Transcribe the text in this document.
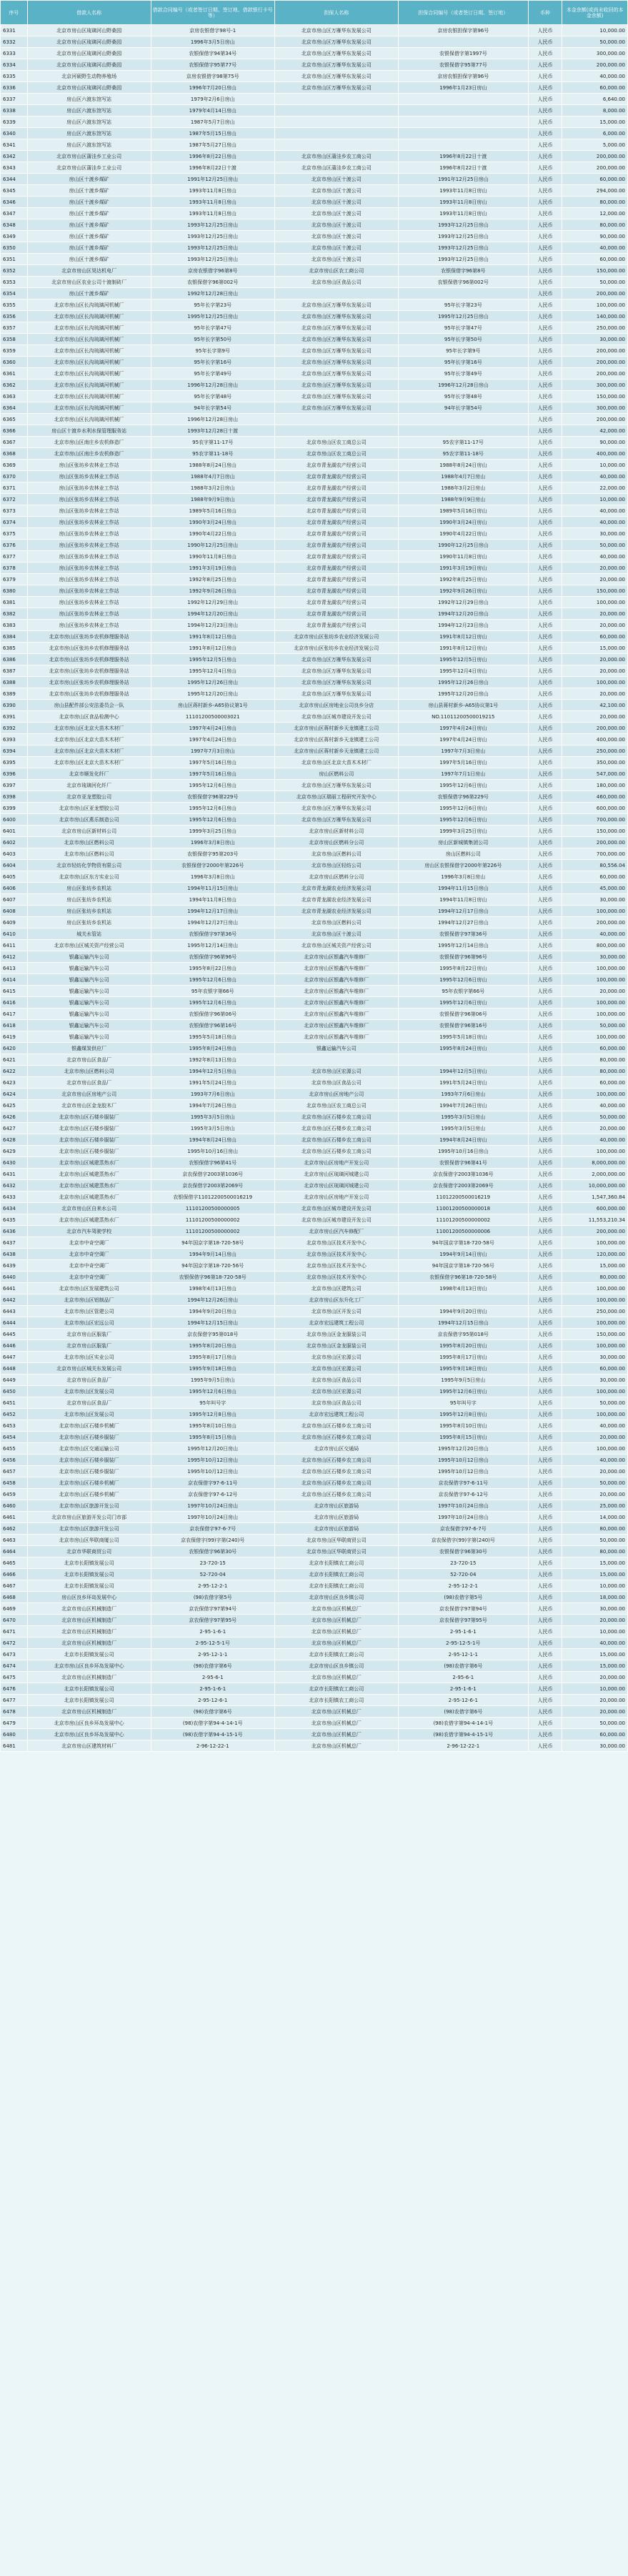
序号	借款人名称	借款合同编号（或者签订日期、签订地、借款银行卡号等）	担保人名称	担保合同编号（或者签订日期、签订地）	币种	本金余额(或尚未收回的本金余额)
6331	北京市房山区琉璃河山野桑园	京房农银借字98号-1	北京市房山区万雁华东发展公司	京房农银担保字第96号	人民币	10,000.00
6332	北京市房山区琉璃河山野桑园	1996年3月5日房山	北京市房山区万雁华东发展公司		人民币	50,000.00
6333	北京市房山区琉璃河山野桑园	农银保借字94第34号	北京市房山区万雁华东发展公司	农银保借字第1997号	人民币	300,000.00
6334	北京市房山区琉璃河山野桑园	农银保借字95第77号	北京市房山区万雁华东发展公司	农银保借字95第77号	人民币	200,000.00
6335	北京河硕野生动物养殖场	京房农银借字98第75号	北京市房山区万雁华东发展公司	京房农银担保字第96号	人民币	40,000.00
6336	北京市房山区琉璃河山野桑园	1996年7月20日房山	北京市房山区万雁华东发展公司	1996年1月23日房山	人民币	60,000.00
6337	房山区六渡东馆写站	1979年2月6日房山			人民币	6,640.00
6338	房山区六渡东馆写站	1979年4月14日房山			人民币	8,000.00
6339	房山区六渡东馆写站	1987年5月7日房山			人民币	15,000.00
6340	房山区六渡东馆写站	1987年5月15日房山			人民币	6,000.00
6341	房山区六渡东馆写站	1987年5月27日房山			人民币	5,000.00
6342	北京市房山区蒲洼乡工业公司	1996年8月22日房山	北京市房山区蒲洼乡农工商公司	1996年8月22日十渡	人民币	200,000.00
6343	北京市房山区蒲洼乡工业公司	1996年8月22日十渡	北京市房山区蒲洼乡农工商公司	1996年8月22日十渡	人民币	200,000.00
6344	房山区十渡乡煤矿	1991年12月25日房山	北京市房山区十渡公司	1991年12月25日房山	人民币	60,000.00
6345	房山区十渡乡煤矿	1993年11月8日房山	北京市房山区十渡公司	1993年11月8日房山	人民币	294,000.00
6346	房山区十渡乡煤矿	1993年11月8日房山	北京市房山区十渡公司	1993年11月8日房山	人民币	80,000.00
6347	房山区十渡乡煤矿	1993年11月8日房山	北京市房山区十渡公司	1993年11月8日房山	人民币	12,000.00
6348	房山区十渡乡煤矿	1993年12月25日房山	北京市房山区十渡公司	1993年12月25日房山	人民币	80,000.00
6349	房山区十渡乡煤矿	1993年12月25日房山	北京市房山区十渡公司	1993年12月25日房山	人民币	90,000.00
6350	房山区十渡乡煤矿	1993年12月25日房山	北京市房山区十渡公司	1993年12月25日房山	人民币	40,000.00
6351	房山区十渡乡煤矿	1993年12月25日房山	北京市房山区十渡公司	1993年12月25日房山	人民币	60,000.00
6352	北京市房山区昊达机电厂	京房农银借字96第8号	北京市房山区农工商公司	农银保借字96第8号	人民币	150,000.00
6353	北京市房山区农业公司十渡制砖厂	农银保借字96第002号	北京市房山区食品公司	农银保借字96第002号	人民币	50,000.00
6354	房山区十渡乡煤矿	1992年12月28日房山			人民币	200,000.00
6355	北京市房山区长沟琉璃河机械厂	95年长字第23号	北京市房山区万雁华东发展公司	95年长字第23号	人民币	100,000.00
6356	北京市房山区长沟琉璃河机械厂	1995年12月25日房山	北京市房山区万雁华东发展公司	1995年12月25日房山	人民币	140,000.00
6357	北京市房山区长沟琉璃河机械厂	95年长字第47号	北京市房山区万雁华东发展公司	95年长字第47号	人民币	250,000.00
6358	北京市房山区长沟琉璃河机械厂	95年长字第50号	北京市房山区万雁华东发展公司	95年长字第50号	人民币	30,000.00
6359	北京市房山区长沟琉璃河机械厂	95年长字第9号	北京市房山区万雁华东发展公司	95年长字第9号	人民币	200,000.00
6360	北京市房山区长沟琉璃河机械厂	95年长字第16号	北京市房山区万雁华东发展公司	95年长字第16号	人民币	200,000.00
6361	北京市房山区长沟琉璃河机械厂	95年长字第49号	北京市房山区万雁华东发展公司	95年长字第49号	人民币	200,000.00
6362	北京市房山区长沟琉璃河机械厂	1996年12月28日房山	北京市房山区万雁华东发展公司	1996年12月28日房山	人民币	300,000.00
6363	北京市房山区长沟琉璃河机械厂	95年长字第48号	北京市房山区万雁华东发展公司	95年长字第48号	人民币	150,000.00
6364	北京市房山区长沟琉璃河机械厂	94年长字第54号	北京市房山区万雁华东发展公司	94年长字第54号	人民币	300,000.00
6365	北京市房山区长沟琉璃河机械厂	1996年12月28日房山			人民币	200,000.00
6366	房山区十渡乡水利水保管理服务站	1993年12月28日十渡			人民币	42,000.00
6367	北京市房山区南庄乡农机修造厂	95农字第11-17号	北京市房山区农工商总公司	95农字第11-17号	人民币	90,000.00
6368	北京市房山区南庄乡农机修造厂	95农字第11-18号	北京市房山区农工商总公司	95农字第11-18号	人民币	400,000.00
6369	房山区张坊乡农林业工作站	1988年8月24日房山	北京市青龙湖农产经营公司	1988年8月24日房山	人民币	10,000.00
6370	房山区张坊乡农林业工作站	1988年4月7日房山	北京市青龙湖农产经营公司	1988年4月7日房山	人民币	40,000.00
6371	房山区张坊乡农林业工作站	1988年3月2日房山	北京市青龙湖农产经营公司	1988年3月2日房山	人民币	22,000.00
6372	房山区张坊乡农林业工作站	1988年9月9日房山	北京市青龙湖农产经营公司	1988年9月9日房山	人民币	10,000.00
6373	房山区张坊乡农林业工作站	1989年5月16日房山	北京市青龙湖农产经营公司	1989年5月16日房山	人民币	40,000.00
6374	房山区张坊乡农林业工作站	1990年3月24日房山	北京市青龙湖农产经营公司	1990年3月24日房山	人民币	40,000.00
6375	房山区张坊乡农林业工作站	1990年4月22日房山	北京市青龙湖农产经营公司	1990年4月22日房山	人民币	30,000.00
6376	房山区张坊乡农林业工作站	1990年12月25日房山	北京市青龙湖农产经营公司	1990年12月25日房山	人民币	50,000.00
6377	房山区张坊乡农林业工作站	1990年11月8日房山	北京市青龙湖农产经营公司	1990年11月8日房山	人民币	40,000.00
6378	房山区张坊乡农林业工作站	1991年3月19日房山	北京市青龙湖农产经营公司	1991年3月19日房山	人民币	20,000.00
6379	房山区张坊乡农林业工作站	1992年8月25日房山	北京市青龙湖农产经营公司	1992年8月25日房山	人民币	20,000.00
6380	房山区张坊乡农林业工作站	1992年9月26日房山	北京市青龙湖农产经营公司	1992年9月26日房山	人民币	150,000.00
6381	房山区张坊乡农林业工作站	1992年12月29日房山	北京市青龙湖农产经营公司	1992年12月29日房山	人民币	100,000.00
6382	房山区张坊乡农林业工作站	1994年12月20日房山	北京市青龙湖农产经营公司	1994年12月20日房山	人民币	20,000.00
6383	房山区张坊乡农林业工作站	1994年12月23日房山	北京市青龙湖农产经营公司	1994年12月23日房山	人民币	20,000.00
6384	北京市房山区张坊乡农机修理服务站	1991年8月12日房山	北京市房山区张坊乡农业经济发展公司	1991年8月12日房山	人民币	60,000.00
6385	北京市房山区张坊乡农机修理服务站	1991年8月12日房山	北京市房山区张坊乡农业经济发展公司	1991年8月12日房山	人民币	15,000.00
6386	北京市房山区张坊乡农机修理服务站	1995年12月5日房山	北京市房山区万雁华东发展公司	1995年12月5日房山	人民币	20,000.00
6387	北京市房山区张坊乡农机修理服务站	1995年12月4日房山	北京市房山区万雁华东发展公司	1995年12月4日房山	人民币	20,000.00
6388	北京市房山区张坊乡农机修理服务站	1995年12月26日房山	北京市房山区万雁华东发展公司	1995年12月26日房山	人民币	100,000.00
6389	北京市房山区张坊乡农机修理服务站	1995年12月20日房山	北京市房山区万雁华东发展公司	1995年12月20日房山	人民币	20,000.00
6390	房山县配件部公安法委员会一队	房山区蒋村新乡-A65协议第1号	北京市房山区房地业公司良乡分店	房山县蒋村新乡-A65协议第1号	人民币	42,100.00
6391	北京市房山区食品检测中心	11101200500003021	北京市房山区城市建设开发公司	NO.11011200500019215	人民币	20,000.00
6392	北京市房山区北京大苗木木材厂	1997年4月24日房山	北京市房山区蒋村新乡天龙镇建工公司	1997年4月24日房山	人民币	200,000.00
6393	北京市房山区北京大苗木木材厂	1997年4月24日房山	北京市房山区蒋村新乡天龙镇建工公司	1997年4月24日房山	人民币	400,000.00
6394	北京市房山区北京大苗木木材厂	1997年7月3日房山	北京市房山区蒋村新乡天龙镇建工公司	1997年7月3日房山	人民币	250,000.00
6395	北京市房山区北京大苗木木材厂	1997年5月16日房山	北京市房山区北京大苗木木材厂	1997年5月16日房山	人民币	350,000.00
6396	北京市顺发化纤厂	1997年5月16日房山	房山区燃料公司	1997年7月1日房山	人民币	547,000.00
6397	北京市琉璃河化纤厂	1995年12月6日房山	北京市房山区万雁华东发展公司	1995年12月6日房山	人民币	180,000.00
6398	北京市亚龙塑胶公司	农银保借字96第229号	北京市房山区瑞丽工程研究开发中心	农银保借字96第229号	人民币	460,000.00
6399	北京市房山区亚龙塑胶公司	1995年12月6日房山	北京市房山区万雁华东发展公司	1995年12月6日房山	人民币	600,000.00
6400	北京市房山区燕乐制造公司	1995年12月6日房山	北京市房山区万雁华东发展公司	1995年12月6日房山	人民币	700,000.00
6401	北京市房山区新材料公司	1999年3月25日房山	北京市房山区新材料公司	1999年3月25日房山	人民币	150,000.00
6402	北京市房山区燃料公司	1996年3月8日房山	北京市房山区燃料分公司	房山区新城镇集团公司	人民币	200,000.00
6403	北京市房山区燃料公司	农银保借字95第203号	北京市房山区燃料公司	房山区燃料公司	人民币	700,000.00
6404	北京市轻纺化学物资有限公司	农银保借字2000年第226号	北京市房山区轻纺公司	房山区农银保借字2000年第226号	人民币	80,556.04
6405	北京市房山区东方实业公司	1996年3月8日房山	北京市房山区燃料分公司	1996年3月8日房山	人民币	60,000.00
6406	房山区张坊乡农机站	1994年11月15日房山	北京市青龙湖农业经济发展公司	1994年11月15日房山	人民币	45,000.00
6407	房山区张坊乡农机站	1994年11月8日房山	北京市青龙湖农业经济发展公司	1994年11月8日房山	人民币	30,000.00
6408	房山区张坊乡农机站	1994年12月17日房山	北京市青龙湖农业经济发展公司	1994年12月17日房山	人民币	100,000.00
6409	房山区张坊乡农机站	1994年12月27日房山	北京市房山区燃料公司	1994年12月27日房山	人民币	200,000.00
6410	城关水管站	农银保借字97第36号	北京市房山区十渡公司	农银保借字97第36号	人民币	40,000.00
6411	北京市房山区城关资产经营公司	1995年12月14日房山	北京市房山区城关资产经营公司	1995年12月14日房山	人民币	800,000.00
6412	银鑫运输汽车公司	农银保借字96第96号	北京市房山区银鑫汽车维修厂	农银保借字96第96号	人民币	30,000.00
6413	银鑫运输汽车公司	1995年8月22日房山	北京市房山区银鑫汽车维修厂	1995年8月22日房山	人民币	100,000.00
6414	银鑫运输汽车公司	1995年12月6日房山	北京市房山区银鑫汽车维修厂	1995年12月6日房山	人民币	100,000.00
6415	银鑫运输汽车公司	95年农银字第66号	北京市房山区银鑫汽车维修厂	95年农银字第66号	人民币	20,000.00
6416	银鑫运输汽车公司	1995年12月6日房山	北京市房山区银鑫汽车维修厂	1995年12月6日房山	人民币	100,000.00
6417	银鑫运输汽车公司	农银保借字96第06号	北京市房山区银鑫汽车维修厂	农银保借字96第06号	人民币	100,000.00
6418	银鑫运输汽车公司	农银保借字96第16号	北京市房山区银鑫汽车维修厂	农银保借字96第16号	人民币	50,000.00
6419	银鑫运输汽车公司	1995年5月18日房山	北京市房山区银鑫汽车维修厂	1995年5月18日房山	人民币	100,000.00
6420	银鑫煤炭供应厂	1995年8月24日房山	银鑫运输汽车公司	1995年8月24日房山	人民币	60,000.00
6421	北京市房山区食品厂	1992年8月13日房山			人民币	80,000.00
6422	北京市房山区燃料公司	1994年12月5日房山	北京市房山区宏源公司	1994年12月5日房山	人民币	80,000.00
6423	北京市房山区食品厂	1991年5月24日房山	北京市房山区食品公司	1991年5月24日房山	人民币	60,000.00
6424	北京市房山区房地产公司	1993年7月6日房山	北京市房山区房地产公司	1993年7月6日房山	人民币	100,000.00
6425	北京市房山区金龙胶木厂	1994年7月26日房山	北京市房山区农工商总公司	1994年7月26日房山	人民币	40,000.00
6426	北京市房山区石楼乡服装厂	1995年3月5日房山	北京市房山区石楼乡农工商公司	1995年3月5日房山	人民币	50,000.00
6427	北京市房山区石楼乡服装厂	1995年3月5日房山	北京市房山区石楼乡农工商公司	1995年3月5日房山	人民币	20,000.00
6428	北京市房山区石楼乡服装厂	1994年8月24日房山	北京市房山区石楼乡农工商公司	1994年8月24日房山	人民币	40,000.00
6429	北京市房山区石楼乡服装厂	1995年10月16日房山	北京市房山区石楼乡农工商公司	1995年10月16日房山	人民币	100,000.00
6430	北京市房山区城建蒸热水厂	农银保借字96第41号	北京市房山区房地产开发公司	农银保借字96第41号	人民币	8,000,000.00
6431	北京市房山区城建蒸热水厂	京农保借字2003第1036号	北京市房山区琉璃河城建公司	京农保借字2003第1036号	人民币	2,000,000.00
6432	北京市房山区城建蒸热水厂	京农保借字2003第2069号	北京市房山区琉璃河城建公司	京农保借字2003第2069号	人民币	10,000,000.00
6433	北京市房山区城建蒸热水厂	农银保借字11012200500016219	北京市房山区房地产开发公司	11012200500016219	人民币	1,547,360.84
6434	北京市房山区自来水公司	11101200500000005	北京市房山区城市建设开发公司	11001200500000018	人民币	600,000.00
6435	北京市房山区城建蒸热水厂	11101200500000002	北京市房山区城市建设开发公司	11101200500000002	人民币	11,553,210.34
6436	北京市汽车驾驶学校	11101200500000002	北京市房山区汽车修配厂	11001200500000006	人民币	200,000.00
6437	北京市中奇空调厂	94年国京字第18-720-58号	北京市房山区技术开发中心	94年国京字第18-720-58号	人民币	100,000.00
6438	北京市中奇空调厂	1994年9月14日房山	北京市房山区技术开发中心	1994年9月14日房山	人民币	120,000.00
6439	北京市中奇空调厂	94年国京字第18-720-56号	北京市房山区技术开发中心	94年国京字第18-720-56号	人民币	15,000.00
6440	北京市中奇空调厂	农银保借字96第18-720-58号	北京市房山区技术开发中心	农银保借字96第18-720-58号	人民币	80,000.00
6441	北京市房山区发展建筑公司	1998年4月13日房山	北京市房山区建筑公司	1998年4月13日房山	人民币	100,000.00
6442	北京市房山区铝制品厂	1994年12月26日房山	北京市房山区东升化工厂		人民币	100,000.00
6443	北京市房山区管建公司	1994年9月20日房山	北京市房山区开发公司	1994年9月20日房山	人民币	250,000.00
6444	北京市房山区宏远公司	1994年12月15日房山	北京市宏远建筑工程公司	1994年12月15日房山	人民币	100,000.00
6445	北京市房山区服装厂	京农保借字95第018号	北京市房山区金龙服装公司	京农保借字95第018号	人民币	150,000.00
6446	北京市房山区服装厂	1995年8月20日房山	北京市房山区金龙服装公司	1995年8月20日房山	人民币	100,000.00
6447	北京市房山区实业公司	1995年8月17日房山	北京市房山区宏源公司	1995年8月17日房山	人民币	30,000.00
6448	北京市房山区城关东发展公司	1995年9月18日房山	北京市房山区宏源公司	1995年9月18日房山	人民币	60,000.00
6449	北京市房山区食品厂	1995年9月5日房山	北京市房山区食品公司	1995年9月5日房山	人民币	30,000.00
6450	北京市房山区发展公司	1995年12月6日房山	北京市房山区宏源公司	1995年12月6日房山	人民币	100,000.00
6451	北京市房山区食品厂	95年叫号字	北京市房山区食品公司	95年叫号字	人民币	50,000.00
6452	北京市房山区发展公司	1995年12月8日房山	北京市宏远建筑工程公司	1995年12月8日房山	人民币	100,000.00
6453	北京市房山区石楼乡机械厂	1995年8月10日房山	北京市房山区石楼乡农工商公司	1995年8月10日房山	人民币	40,000.00
6454	北京市房山区石楼乡服装厂	1995年8月15日房山	北京市房山区石楼乡农工商公司	1995年8月15日房山	人民币	20,000.00
6455	北京市房山区交通运输公司	1995年12月20日房山	北京市房山区交通局	1995年12月20日房山	人民币	100,000.00
6456	北京市房山区石楼乡服装厂	1995年10月12日房山	北京市房山区石楼乡农工商公司	1995年10月12日房山	人民币	40,000.00
6457	北京市房山区石楼乡服装厂	1995年10月12日房山	北京市房山区石楼乡农工商公司	1995年10月12日房山	人民币	20,000.00
6458	北京市房山区石楼乡机械厂	京农保借字97-6-11号	北京市房山区石楼乡农工商公司	京农保借字97-6-11号	人民币	50,000.00
6459	北京市房山区石楼乡机械厂	京农保借字97-6-12号	北京市房山区石楼乡农工商公司	京农保借字97-6-12号	人民币	20,000.00
6460	北京市房山区旅游开发公司	1997年10月24日房山	北京市房山区旅游局	1997年10月24日房山	人民币	25,000.00
6461	北京市房山区旅游开发公司门市部	1997年10月24日房山	北京市房山区旅游局	1997年10月24日房山	人民币	14,000.00
6462	北京市房山区旅游开发公司	京农保借字97-6-7号	北京市房山区旅游局	京农保借字97-6-7号	人民币	80,000.00
6463	北京市房山区华联商厦公司	京农保借字(99)字第(240)号	北京市房山区华联商贸公司	京农保借字(99)字第(240)号	人民币	50,000.00
6464	北京市华联商贸公司	农银保借字96第30号	北京市房山区华联商贸公司	农银保借字96第30号	人民币	80,000.00
6465	北京市长阳镇发展公司	23-720-15	北京市长阳镇农工商公司	23-720-15	人民币	15,000.00
6466	北京市长阳镇发展公司	52-720-04	北京市长阳镇农工商公司	52-720-04	人民币	15,000.00
6467	北京市长阳镇发展公司	2-95-12-2-1	北京市长阳镇农工商公司	2-95-12-2-1	人民币	10,000.00
6468	房山区良乡环岛发展中心	(98)农借字第5号	北京市房山区良乡镇公司	(98)农借字第5号	人民币	18,000.00
6469	北京市房山区机械制造厂	京农保借字97第94号	北京市房山区机械总厂	京农保借字97第94号	人民币	30,000.00
6470	北京市房山区机械制造厂	京农保借字97第95号	北京市房山区机械总厂	京农保借字97第95号	人民币	20,000.00
6471	北京市房山区机械制造厂	2-95-1-6-1	北京市房山区机械总厂	2-95-1-6-1	人民币	10,000.00
6472	北京市房山区机械制造厂	2-95-12-5-1号	北京市房山区机械总厂	2-95-12-5-1号	人民币	40,000.00
6473	北京市长阳镇发展公司	2-95-12-1-1	北京市长阳镇农工商公司	2-95-12-1-1	人民币	15,000.00
6474	北京市房山区良乡环岛发展中心	(98)农借字第6号	北京市房山区良乡镇公司	(98)农借字第6号	人民币	15,000.00
6475	北京市房山区机械制造厂	2-95-6-1	北京市房山区机械总厂	2-95-6-1	人民币	20,000.00
6476	北京市长阳镇发展公司	2-95-1-6-1	北京市长阳镇农工商公司	2-95-1-6-1	人民币	10,000.00
6477	北京市长阳镇发展公司	2-95-12-6-1	北京市长阳镇农工商公司	2-95-12-6-1	人民币	20,000.00
6478	北京市房山区机械制造厂	(98)农借字第6号	北京市房山区机械总厂	(98)农借字第6号	人民币	20,000.00
6479	北京市房山区良乡环岛发展中心	(98)农借字第94-4-14-1号	北京市房山区机械总厂	(98)农借字第94-4-14-1号	人民币	50,000.00
6480	北京市房山区良乡环岛发展中心	(98)农借字第94-4-15-1号	北京市房山区机械总厂	(98)农借字第94-4-15-1号	人民币	60,000.00
6481	北京市房山区建筑材料厂	2-96-12-22-1	北京市房山区机械总厂	2-96-12-22-1	人民币	30,000.00
